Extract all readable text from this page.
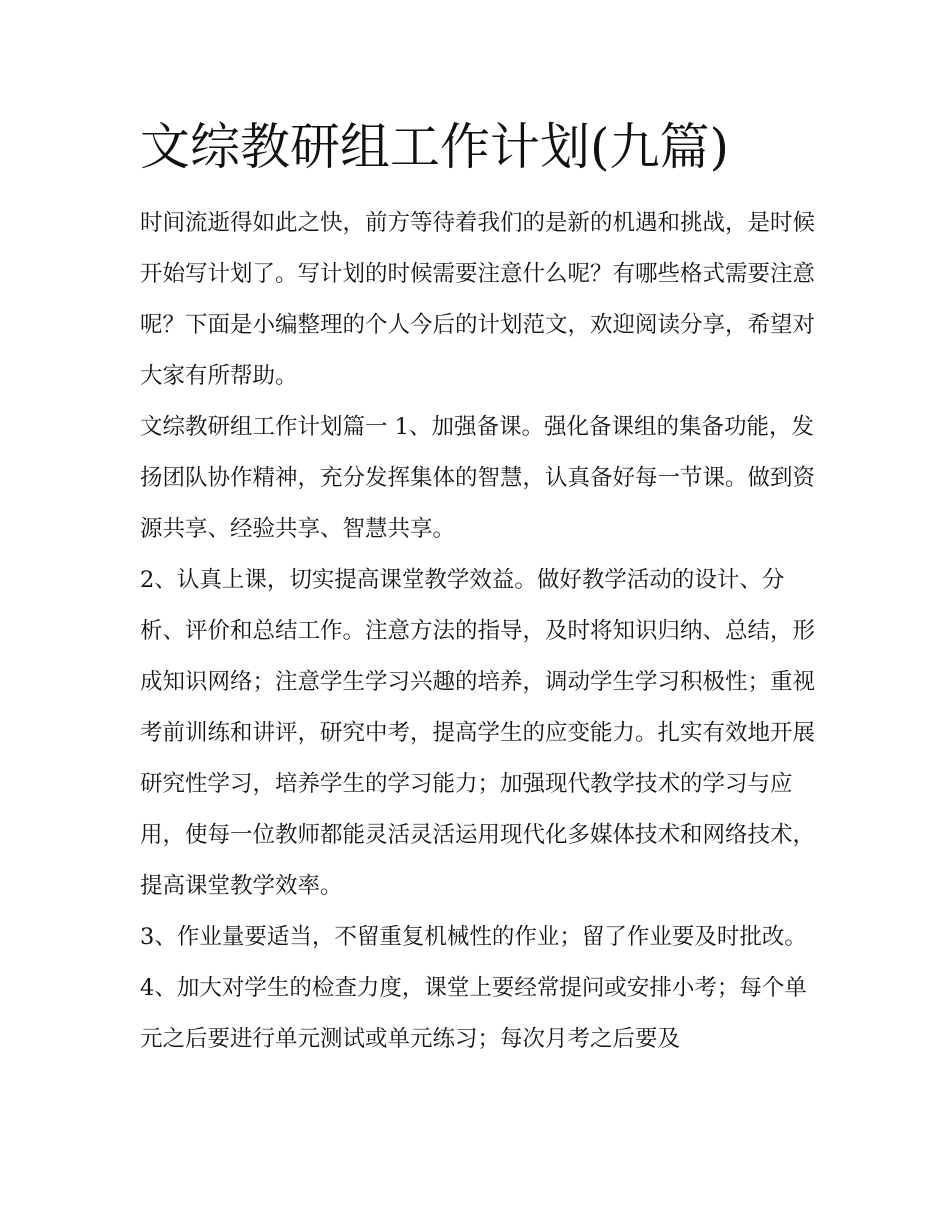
文综教研组工作计划(九篇)

时间流逝得如此之快，前方等待着我们的是新的机遇和挑战，是时候开始写计划了。写计划的时候需要注意什么呢？有哪些格式需要注意呢？下面是小编整理的个人今后的计划范文，欢迎阅读分享，希望对大家有所帮助。

文综教研组工作计划篇一 1、加强备课。强化备课组的集备功能，发扬团队协作精神，充分发挥集体的智慧，认真备好每一节课。做到资源共享、经验共享、智慧共享。

2、认真上课，切实提高课堂教学效益。做好教学活动的设计、分析、评价和总结工作。注意方法的指导，及时将知识归纳、总结，形成知识网络；注意学生学习兴趣的培养，调动学生学习积极性；重视考前训练和讲评，研究中考，提高学生的应变能力。扎实有效地开展研究性学习，培养学生的学习能力；加强现代教学技术的学习与应用，使每一位教师都能灵活灵活运用现代化多媒体技术和网络技术，提高课堂教学效率。

3、作业量要适当，不留重复机械性的作业；留了作业要及时批改。

4、加大对学生的检查力度，课堂上要经常提问或安排小考；每个单元之后要进行单元测试或单元练习；每次月考之后要及
